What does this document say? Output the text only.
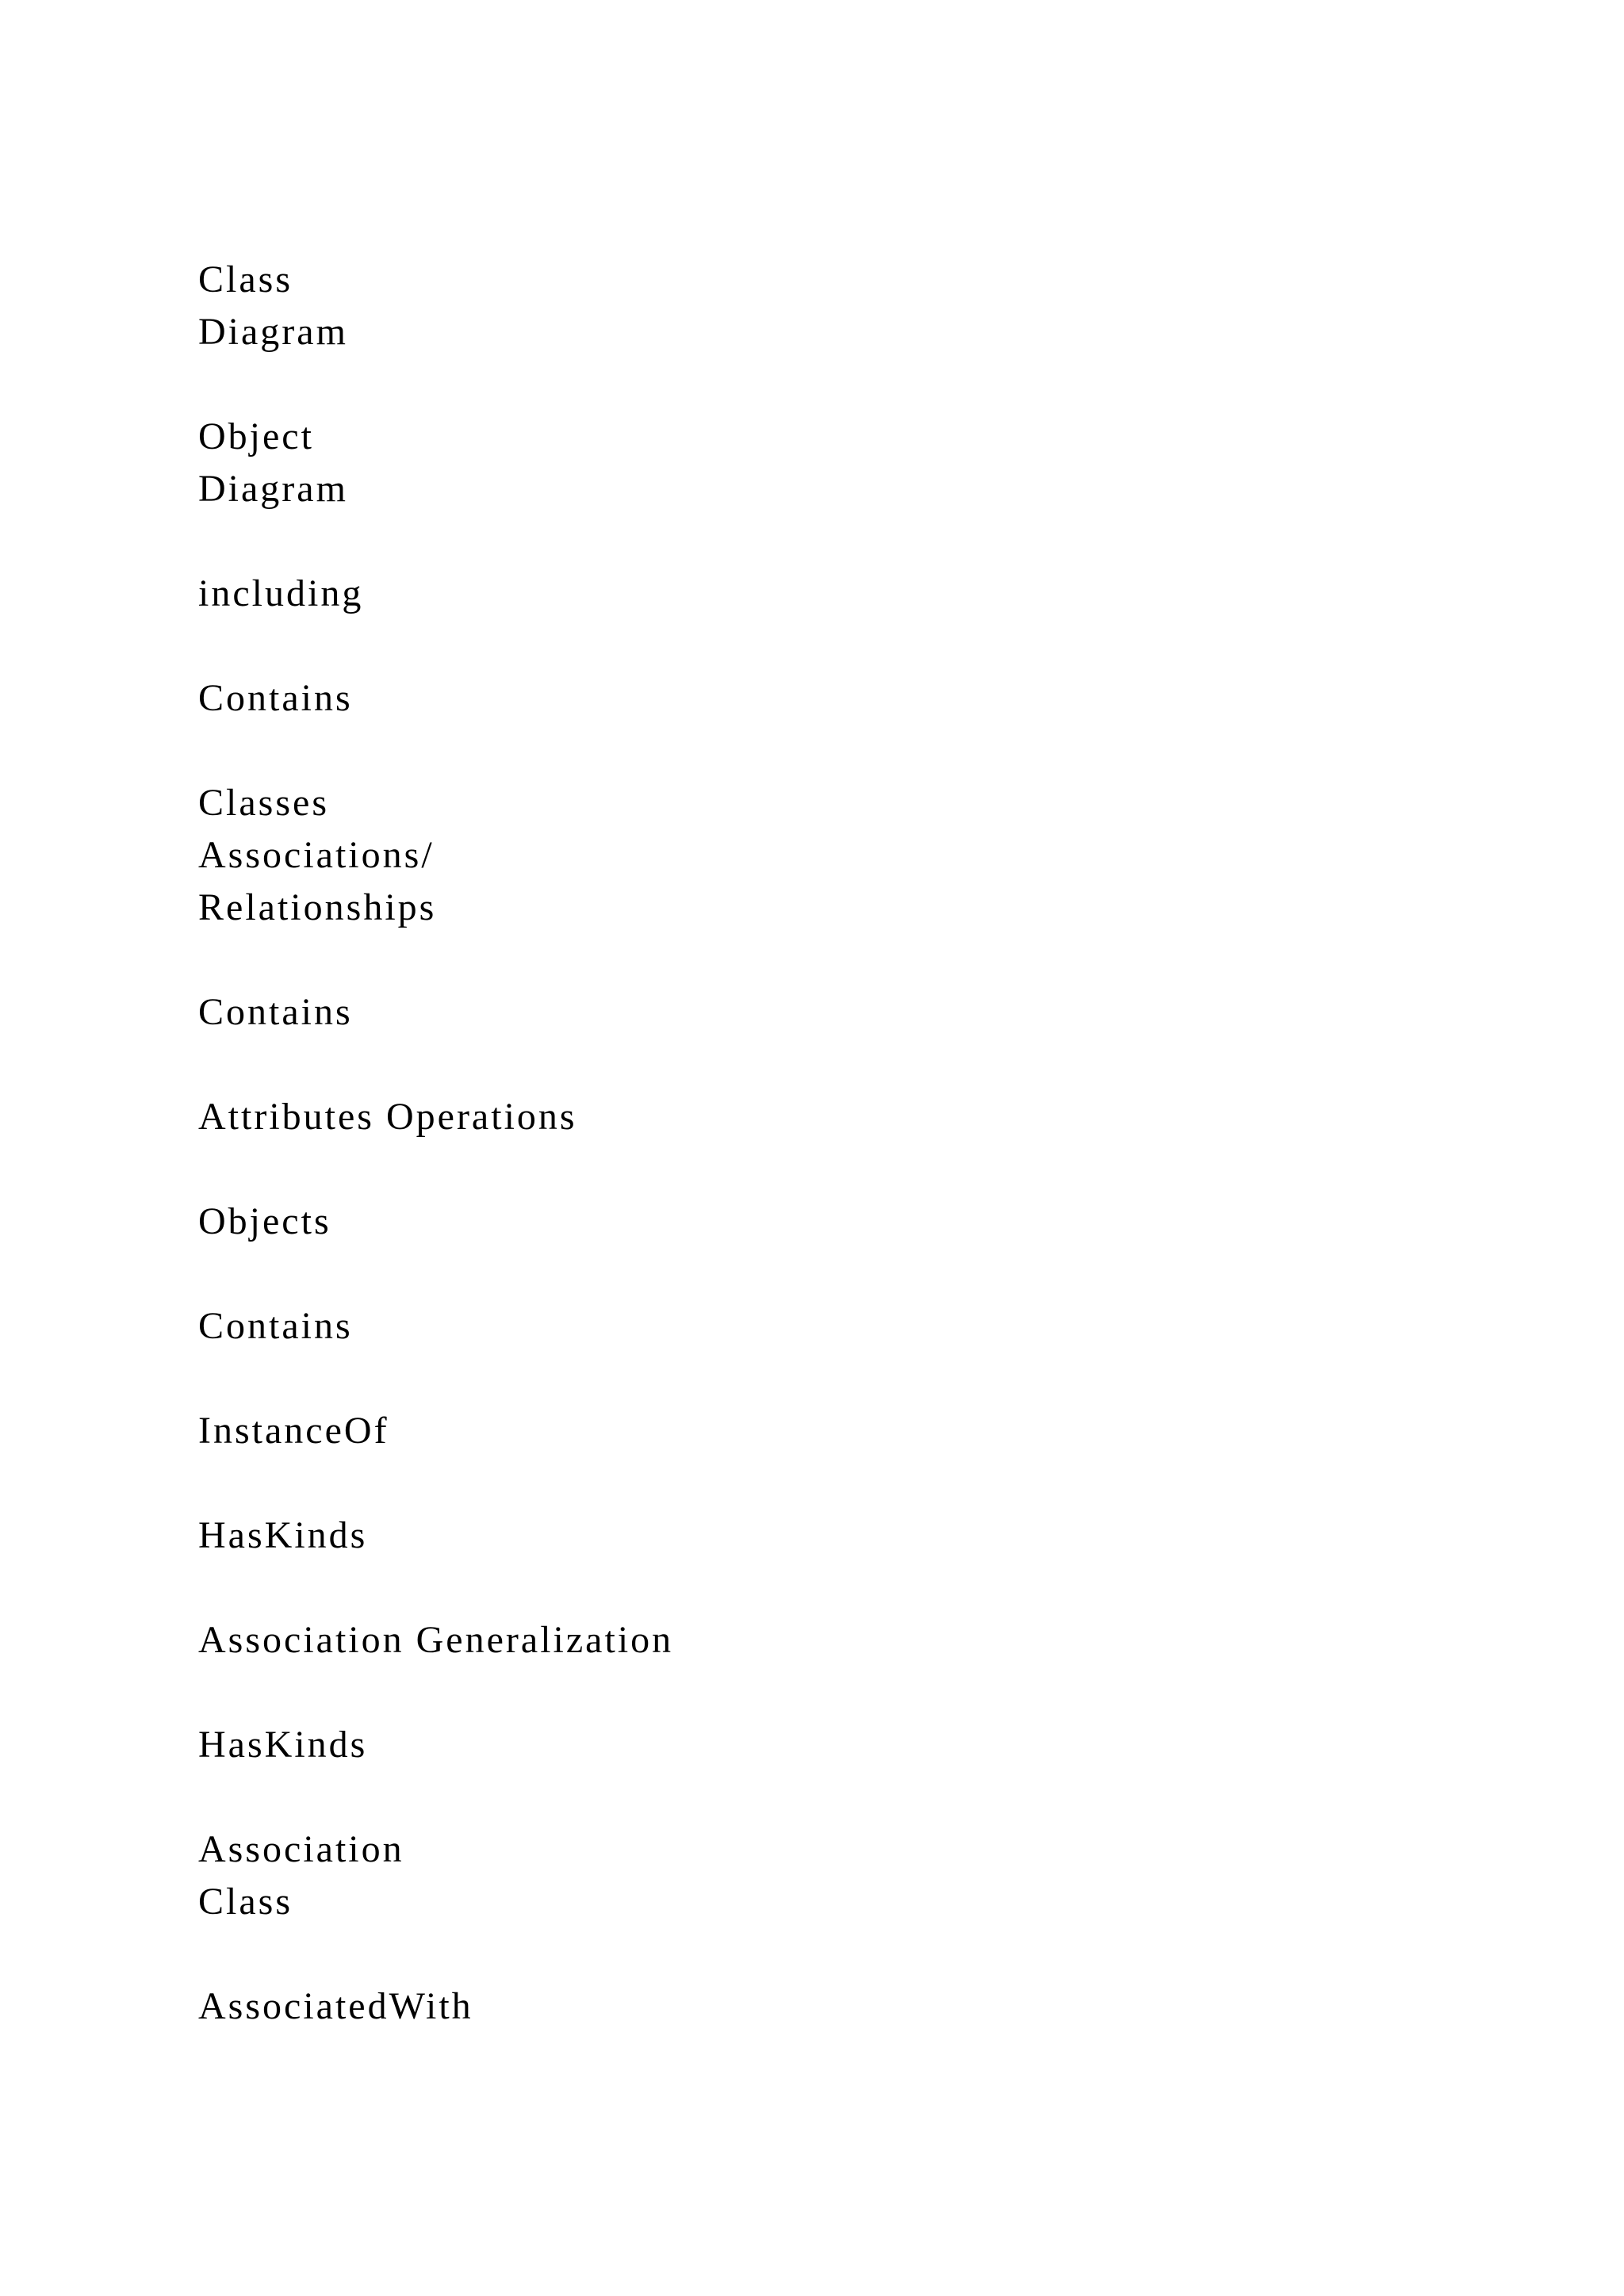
Class
Diagram

Object
Diagram

including

Contains

Classes
Associations/
Relationships

Contains

Attributes Operations

Objects

Contains

InstanceOf

HasKinds

Association Generalization

HasKinds

Association
Class

AssociatedWith
